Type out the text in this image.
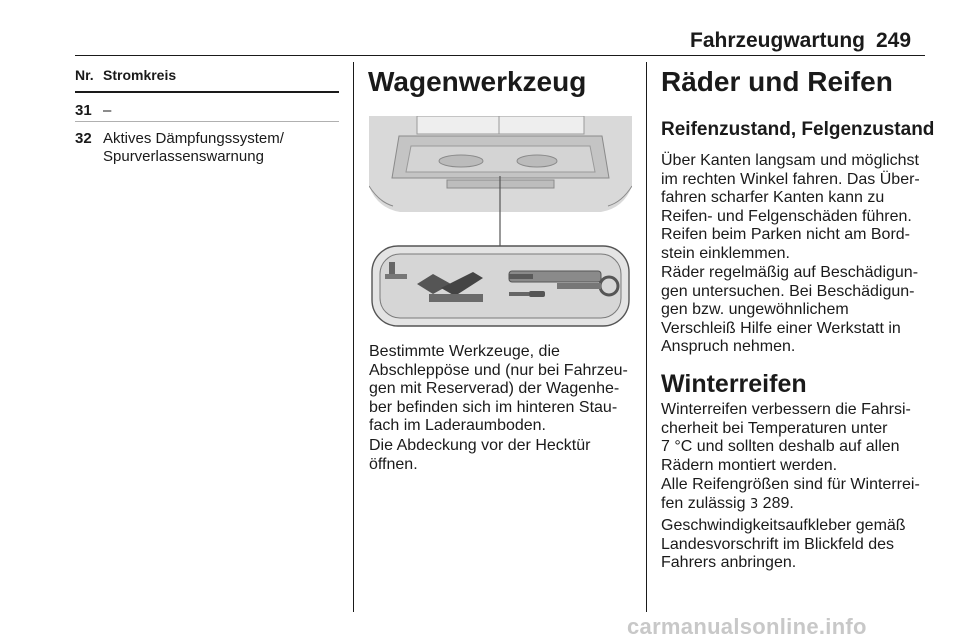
Fahrzeugwartung 249
Nr. Stromkreis
31 –
32 Aktives Dämpfungssystem/
Spurverlassenswarnung
Wagenwerkzeug
Bestimmte Werkzeuge, die
Abschleppöse und (nur bei Fahrzeu-
gen mit Reserverad) der Wagenhe-
ber befinden sich im hinteren Stau-
fach im Laderaumboden.
Die Abdeckung vor der Hecktür
öffnen.
Räder und Reifen
Reifenzustand, Felgenzustand
Über Kanten langsam und möglichst
im rechten Winkel fahren. Das Über-
fahren scharfer Kanten kann zu
Reifen- und Felgenschäden führen.
Reifen beim Parken nicht am Bord-
stein einklemmen.
Räder regelmäßig auf Beschädigun-
gen untersuchen. Bei Beschädigun-
gen bzw. ungewöhnlichem
Verschleiß Hilfe einer Werkstatt in
Anspruch nehmen.
Winterreifen
Winterreifen verbessern die Fahrsi-
cherheit bei Temperaturen unter
7 °C und sollten deshalb auf allen
Rädern montiert werden.
Alle Reifengrößen sind für Winterrei-
fen zulässig 3 289.
Geschwindigkeitsaufkleber gemäß
Landesvorschrift im Blickfeld des
Fahrers anbringen.
carmanualsonline.info
